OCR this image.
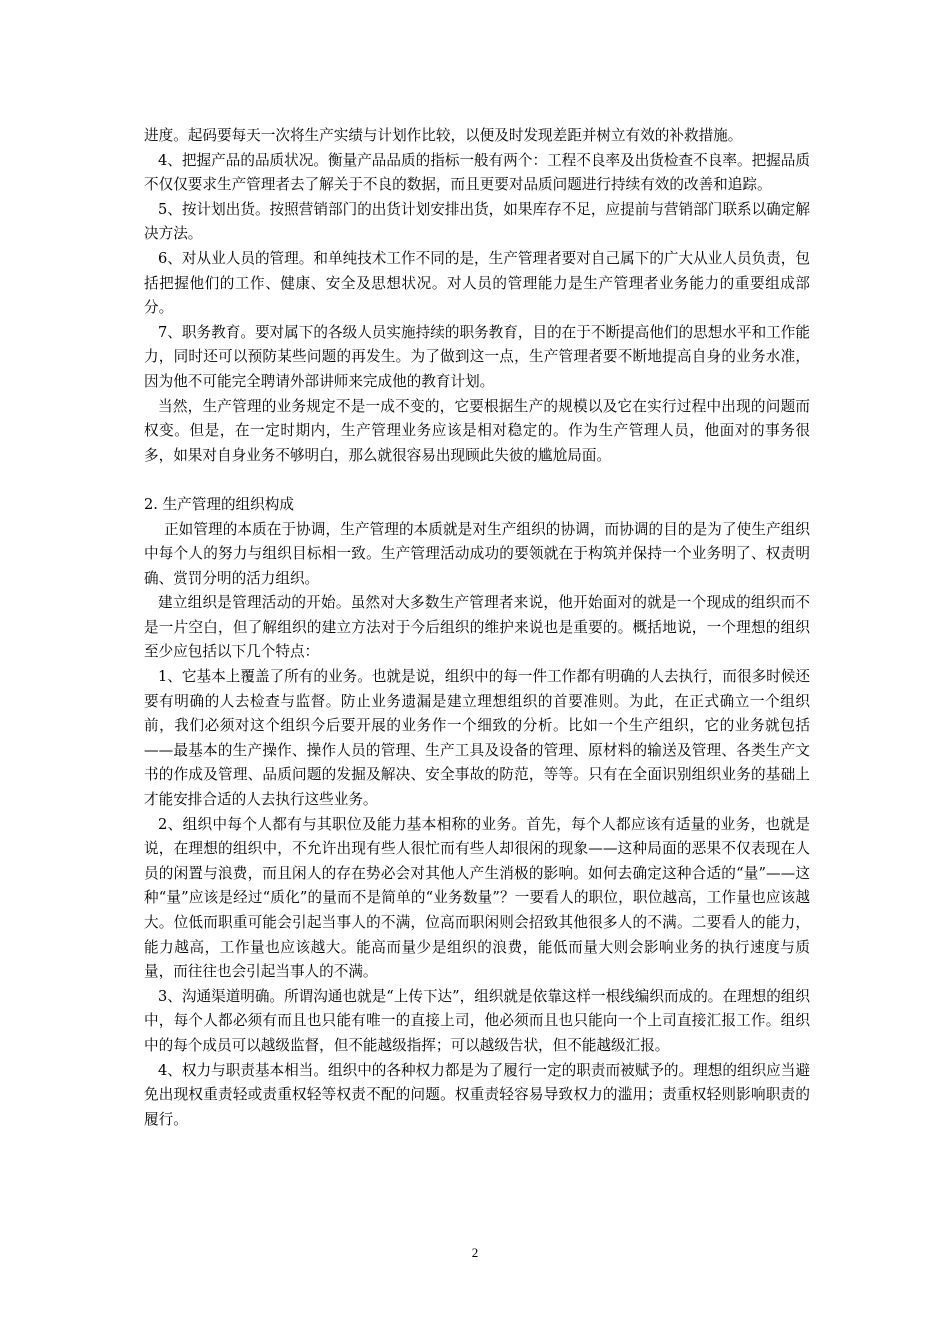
进度。起码要每天一次将生产实绩与计划作比较，以便及时发现差距并树立有效的补救措施。

4、把握产品的品质状况。衡量产品品质的指标一般有两个：工程不良率及出货检查不良率。把握品质不仅仅要求生产管理者去了解关于不良的数据，而且更要对品质问题进行持续有效的改善和追踪。

5、按计划出货。按照营销部门的出货计划安排出货，如果库存不足，应提前与营销部门联系以确定解决方法。

6、对从业人员的管理。和单纯技术工作不同的是，生产管理者要对自己属下的广大从业人员负责，包括把握他们的工作、健康、安全及思想状况。对人员的管理能力是生产管理者业务能力的重要组成部分。

7、职务教育。要对属下的各级人员实施持续的职务教育，目的在于不断提高他们的思想水平和工作能力，同时还可以预防某些问题的再发生。为了做到这一点，生产管理者要不断地提高自身的业务水准，因为他不可能完全聘请外部讲师来完成他的教育计划。

当然，生产管理的业务规定不是一成不变的，它要根据生产的规模以及它在实行过程中出现的问题而权变。但是，在一定时期内，生产管理业务应该是相对稳定的。作为生产管理人员，他面对的事务很多，如果对自身业务不够明白，那么就很容易出现顾此失彼的尴尬局面。

2. 生产管理的组织构成

正如管理的本质在于协调，生产管理的本质就是对生产组织的协调，而协调的目的是为了使生产组织中每个人的努力与组织目标相一致。生产管理活动成功的要领就在于构筑并保持一个业务明了、权责明确、赏罚分明的活力组织。

建立组织是管理活动的开始。虽然对大多数生产管理者来说，他开始面对的就是一个现成的组织而不是一片空白，但了解组织的建立方法对于今后组织的维护来说也是重要的。概括地说，一个理想的组织至少应包括以下几个特点：

1、它基本上覆盖了所有的业务。也就是说，组织中的每一件工作都有明确的人去执行，而很多时候还要有明确的人去检查与监督。防止业务遗漏是建立理想组织的首要准则。为此，在正式确立一个组织前，我们必须对这个组织今后要开展的业务作一个细致的分析。比如一个生产组织，它的业务就包括——最基本的生产操作、操作人员的管理、生产工具及设备的管理、原材料的输送及管理、各类生产文书的作成及管理、品质问题的发掘及解决、安全事故的防范，等等。只有在全面识别组织业务的基础上才能安排合适的人去执行这些业务。

2、组织中每个人都有与其职位及能力基本相称的业务。首先，每个人都应该有适量的业务，也就是说，在理想的组织中，不允许出现有些人很忙而有些人却很闲的现象——这种局面的恶果不仅表现在人员的闲置与浪费，而且闲人的存在势必会对其他人产生消极的影响。如何去确定这种合适的“量”——这种“量”应该是经过“质化”的量而不是简单的“业务数量”？一要看人的职位，职位越高，工作量也应该越大。位低而职重可能会引起当事人的不满，位高而职闲则会招致其他很多人的不满。二要看人的能力，能力越高，工作量也应该越大。能高而量少是组织的浪费，能低而量大则会影响业务的执行速度与质量，而往往也会引起当事人的不满。

3、沟通渠道明确。所谓沟通也就是“上传下达”，组织就是依靠这样一根线编织而成的。在理想的组织中，每个人都必须有而且也只能有唯一的直接上司，他必须而且也只能向一个上司直接汇报工作。组织中的每个成员可以越级监督，但不能越级指挥；可以越级告状，但不能越级汇报。

4、权力与职责基本相当。组织中的各种权力都是为了履行一定的职责而被赋予的。理想的组织应当避免出现权重责轻或责重权轻等权责不配的问题。权重责轻容易导致权力的滥用；责重权轻则影响职责的履行。

2
